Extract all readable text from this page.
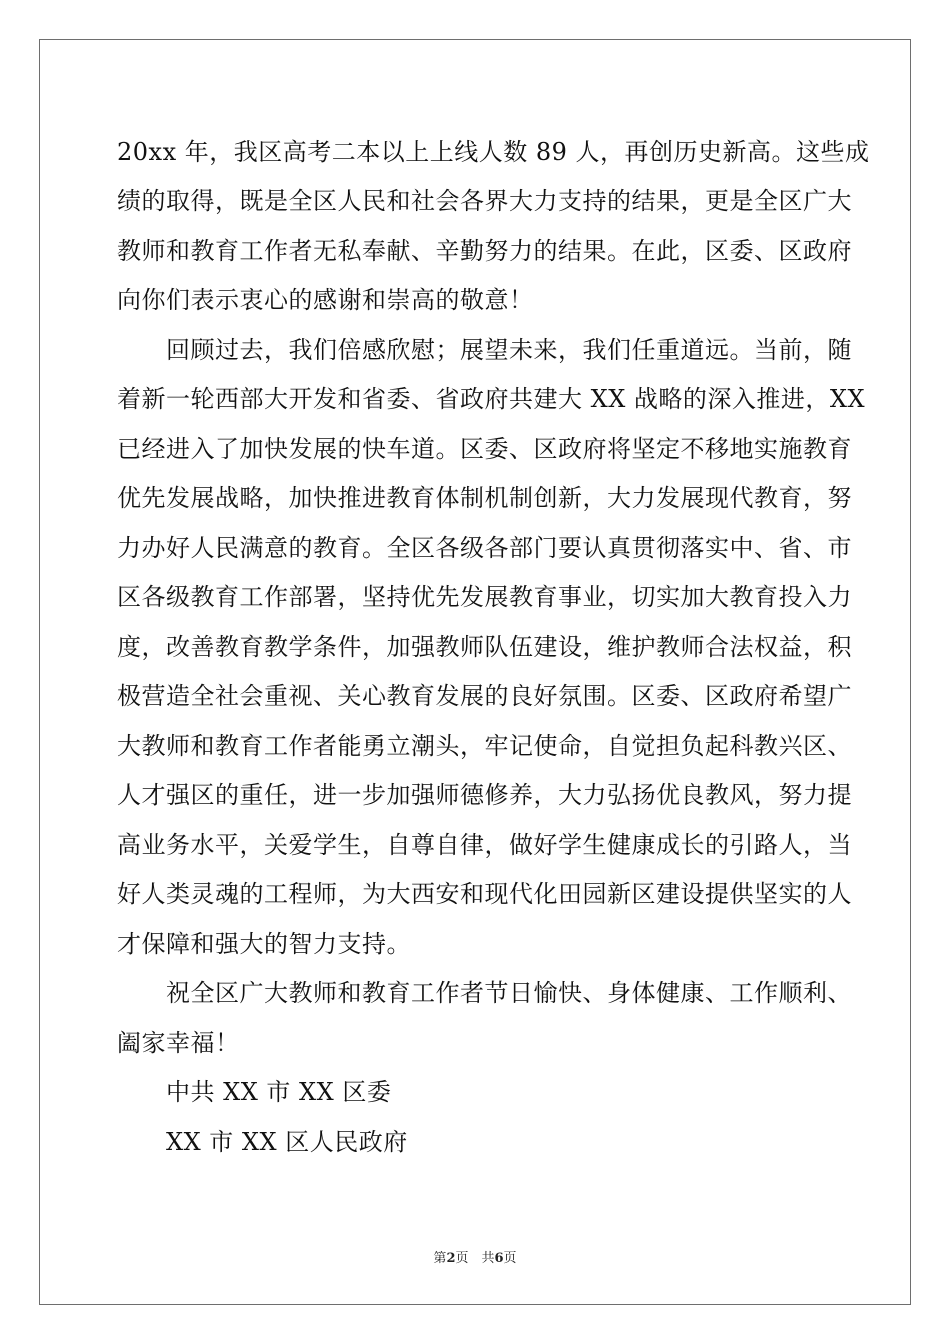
20xx 年，我区高考二本以上上线人数 89 人，再创历史新高。这些成
绩的取得，既是全区人民和社会各界大力支持的结果，更是全区广大
教师和教育工作者无私奉献、辛勤努力的结果。在此，区委、区政府
向你们表示衷心的感谢和崇高的敬意！
回顾过去，我们倍感欣慰；展望未来，我们任重道远。当前，随
着新一轮西部大开发和省委、省政府共建大 XX 战略的深入推进，XX
已经进入了加快发展的快车道。区委、区政府将坚定不移地实施教育
优先发展战略，加快推进教育体制机制创新，大力发展现代教育，努
力办好人民满意的教育。全区各级各部门要认真贯彻落实中、省、市
区各级教育工作部署，坚持优先发展教育事业，切实加大教育投入力
度，改善教育教学条件，加强教师队伍建设，维护教师合法权益，积
极营造全社会重视、关心教育发展的良好氛围。区委、区政府希望广
大教师和教育工作者能勇立潮头，牢记使命，自觉担负起科教兴区、
人才强区的重任，进一步加强师德修养，大力弘扬优良教风，努力提
高业务水平，关爱学生，自尊自律，做好学生健康成长的引路人，当
好人类灵魂的工程师，为大西安和现代化田园新区建设提供坚实的人
才保障和强大的智力支持。
祝全区广大教师和教育工作者节日愉快、身体健康、工作顺利、
阖家幸福！
中共 XX 市 XX 区委
XX 市 XX 区人民政府
第2页　共6页
